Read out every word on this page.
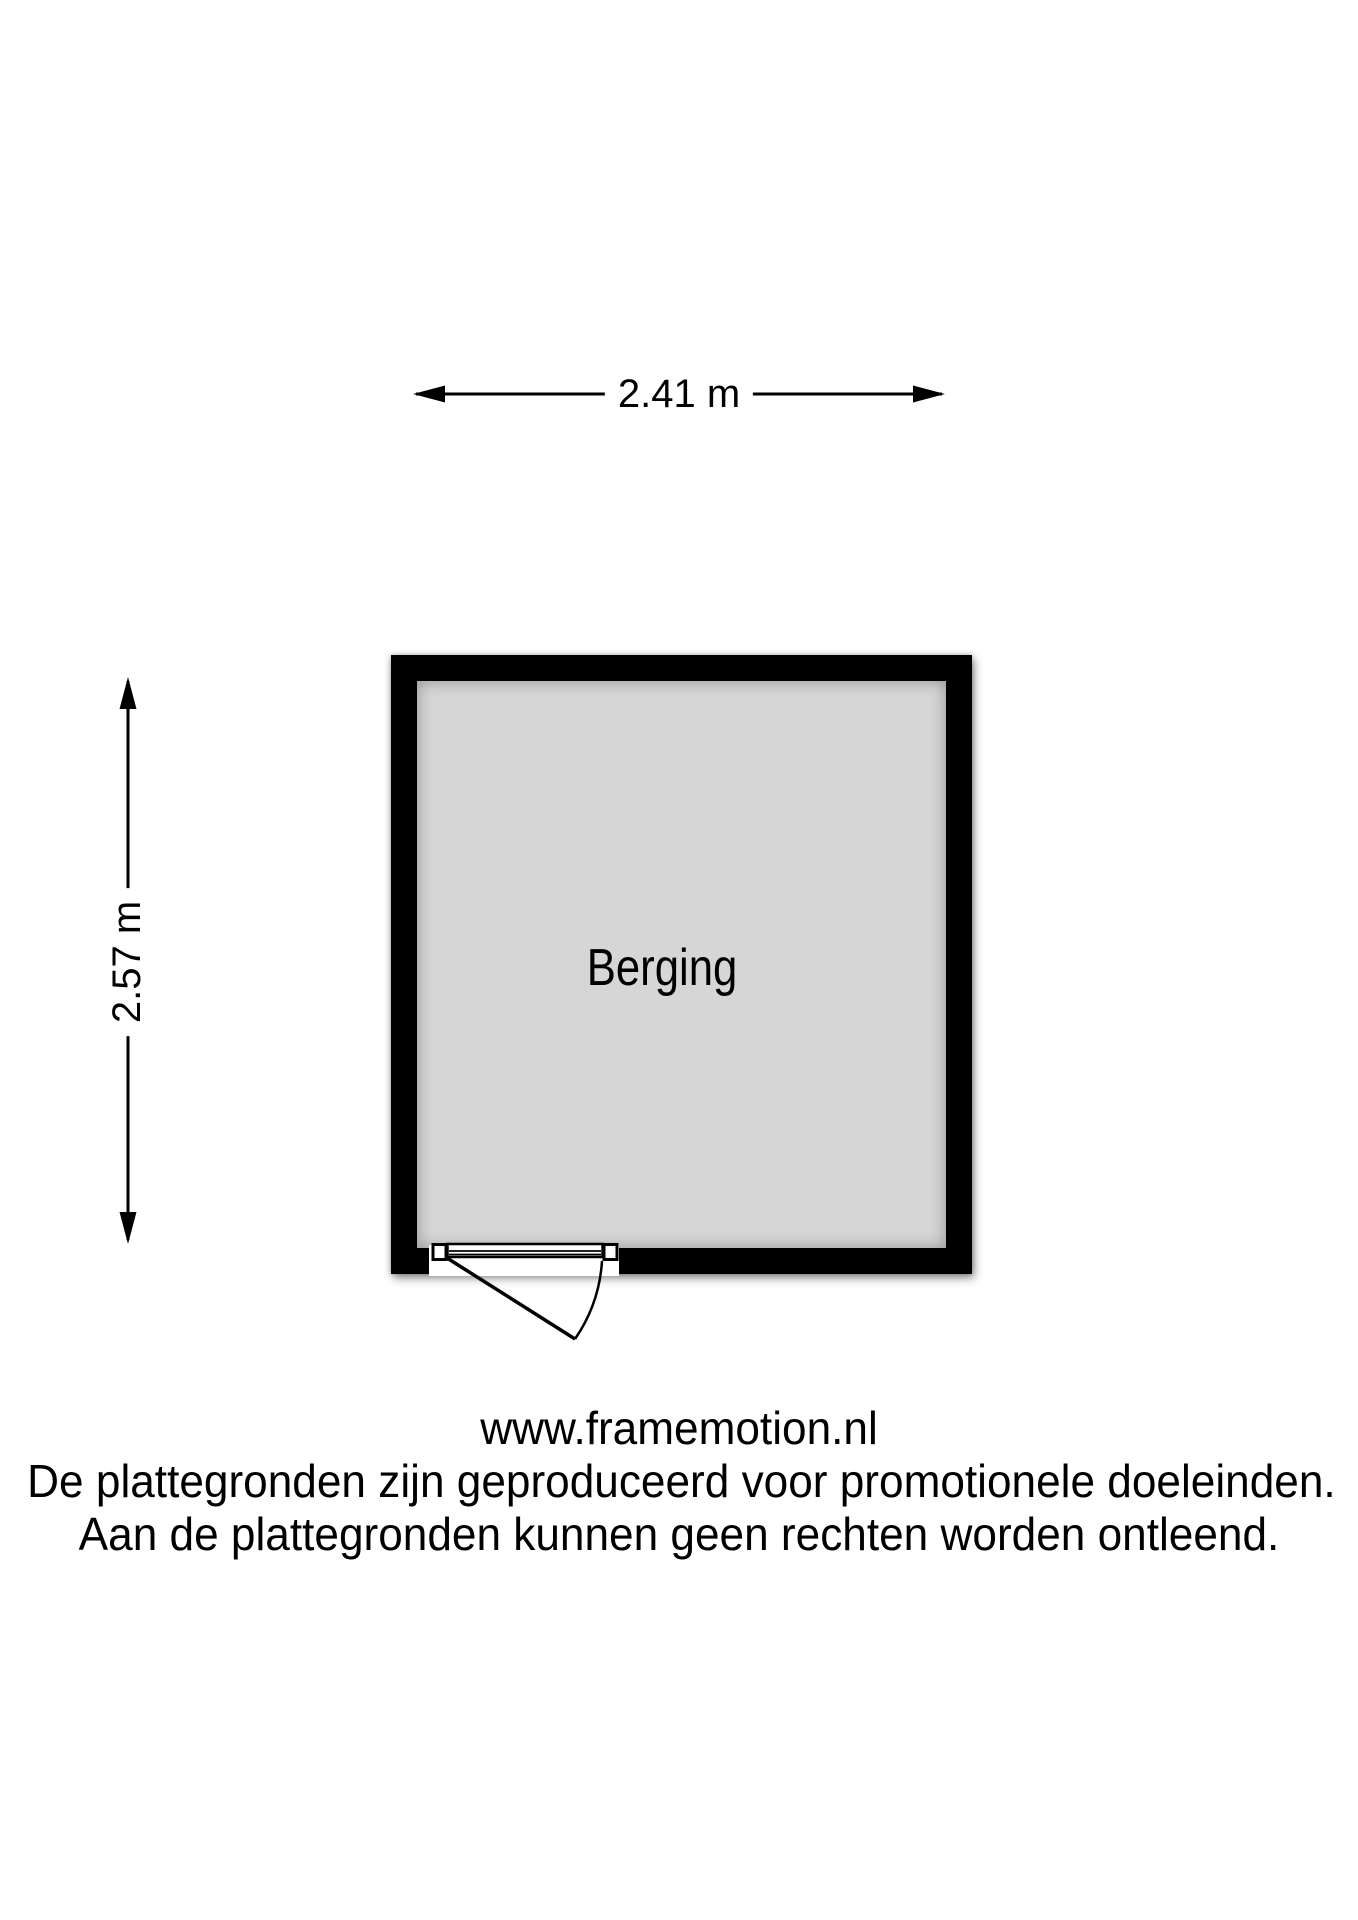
Berging
2.41 m
2.57 m
www.framemotion.nl
De plattegronden zijn geproduceerd voor promotionele doeleinden.
Aan de plattegronden kunnen geen rechten worden ontleend.
